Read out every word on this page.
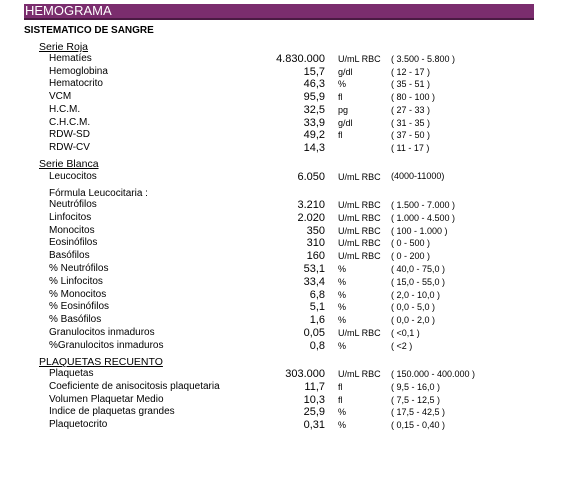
HEMOGRAMA
SISTEMATICO DE SANGRE
Serie Roja
Hematíes	4.830.000 U/mL RBC ( 3.500 - 5.800 )
Hemoglobina	15,7 g/dl	( 12 - 17 )
Hematocrito	46,3 %	( 35 - 51 )
VCM	95,9 fl	( 80 - 100 )
H.C.M.	32,5 pg	( 27 - 33 )
C.H.C.M.	33,9 g/dl	( 31 - 35 )
RDW-SD	49,2 fl	( 37 - 50 )
RDW-CV	14,3	( 11 - 17 )
Serie Blanca
Leucocitos	6.050 U/mL RBC (4000-11000)
Fórmula Leucocitaria :
Neutrófilos	3.210 U/mL RBC ( 1.500 - 7.000 )
Linfocitos	2.020 U/mL RBC ( 1.000 - 4.500 )
Monocitos	350 U/mL RBC ( 100 - 1.000 )
Eosinófilos	310 U/mL RBC ( 0 - 500 )
Basófilos	160 U/mL RBC ( 0 - 200 )
% Neutrófilos	53,1 %	( 40,0 - 75,0 )
% Linfocitos	33,4 %	( 15,0 - 55,0 )
% Monocitos	6,8 %	( 2,0 - 10,0 )
% Eosinófilos	5,1 %	( 0,0 - 5,0 )
% Basófilos	1,6 %	( 0,0 - 2,0 )
Granulocitos inmaduros	0,05 U/mL RBC ( <0,1 )
%Granulocitos inmaduros	0,8 %	( <2 )
PLAQUETAS RECUENTO
Plaquetas	303.000 U/mL RBC ( 150.000 - 400.000 )
Coeficiente de anisocitosis plaquetaria	11,7 fl	( 9,5 - 16,0 )
Volumen Plaquetar Medio	10,3 fl	( 7,5 - 12,5 )
Indice de plaquetas grandes	25,9 %	( 17,5 - 42,5 )
Plaquetocrito	0,31 %	( 0,15 - 0,40 )
